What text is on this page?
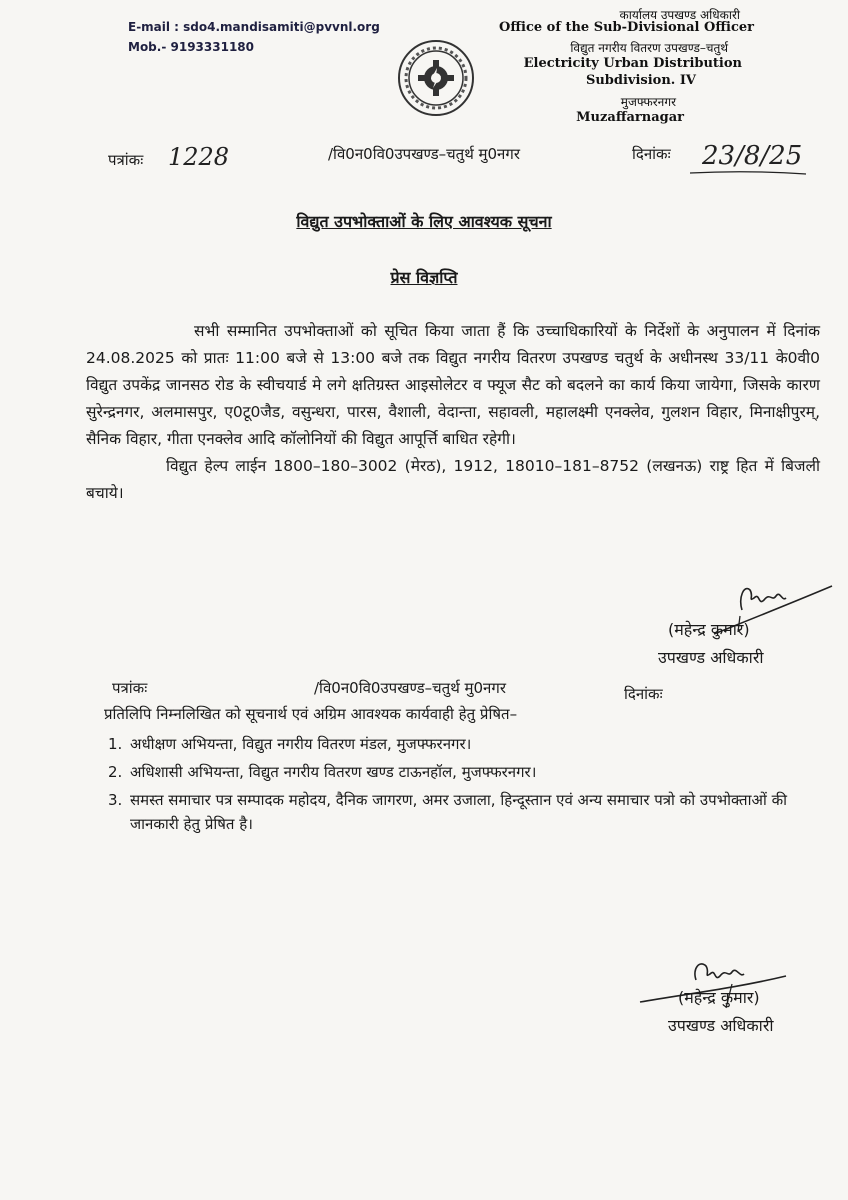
E-mail : sdo4.mandisamiti@pvvnl.org
Mob.- 9193331180
कार्यालय उपखण्ड अधिकारी
Office of the Sub-Divisional Officer
विद्युत नगरीय वितरण उपखण्ड–चतुर्थ
Electricity Urban Distribution
Subdivision. IV
मुजफ्फरनगर
Muzaffarnagar
पत्रांकः 1228	/वि0न0वि0उपखण्ड–चतुर्थ मु0नगर	दिनांकः 23/8/25
विद्युत उपभोक्ताओं के लिए आवश्यक सूचना
प्रेस विज्ञप्ति

सभी सम्मानित उपभोक्ताओं को सूचित किया जाता हैं कि उच्चाधिकारियों के निर्देशों के अनुपालन में दिनांक 24.08.2025 को प्रातः 11:00 बजे से 13:00 बजे तक विद्युत नगरीय वितरण उपखण्ड चतुर्थ के अधीनस्थ 33/11 के0वी0 विद्युत उपकेंद्र जानसठ रोड के स्वीचयार्ड मे लगे क्षतिग्रस्त आइसोलेटर व फ्यूज सैट को बदलने का कार्य किया जायेगा, जिसके कारण सुरेन्द्रनगर, अलमासपुर, ए0टू0जैड, वसुन्धरा, पारस, वैशाली, वेदान्ता, सहावली, महालक्ष्मी एनक्लेव, गुलशन विहार, मिनाक्षीपुरम्, सैनिक विहार, गीता एनक्लेव आदि कॉलोनियों की विद्युत आपूर्त्ति बाधित रहेगी।

विद्युत हेल्प लाईन 1800–180–3002 (मेरठ), 1912, 18010–181–8752 (लखनऊ) राष्ट्र हित में बिजली बचाये।

(महेन्द्र कुमार)
उपखण्ड अधिकारी
पत्रांकः	/वि0न0वि0उपखण्ड–चतुर्थ मु0नगर	दिनांकः
प्रतिलिपि निम्नलिखित को सूचनार्थ एवं अग्रिम आवश्यक कार्यवाही हेतु प्रेषित–
1. अधीक्षण अभियन्ता, विद्युत नगरीय वितरण मंडल, मुजफ्फरनगर।
2. अधिशासी अभियन्ता, विद्युत नगरीय वितरण खण्ड टाऊनहॉल, मुजफ्फरनगर।
3. समस्त समाचार पत्र सम्पादक महोदय, दैनिक जागरण, अमर उजाला, हिन्दूस्तान एवं अन्य समाचार पत्रो को उपभोक्ताओं की जानकारी हेतु प्रेषित है।
(महेन्द्र कुमार)
उपखण्ड अधिकारी
